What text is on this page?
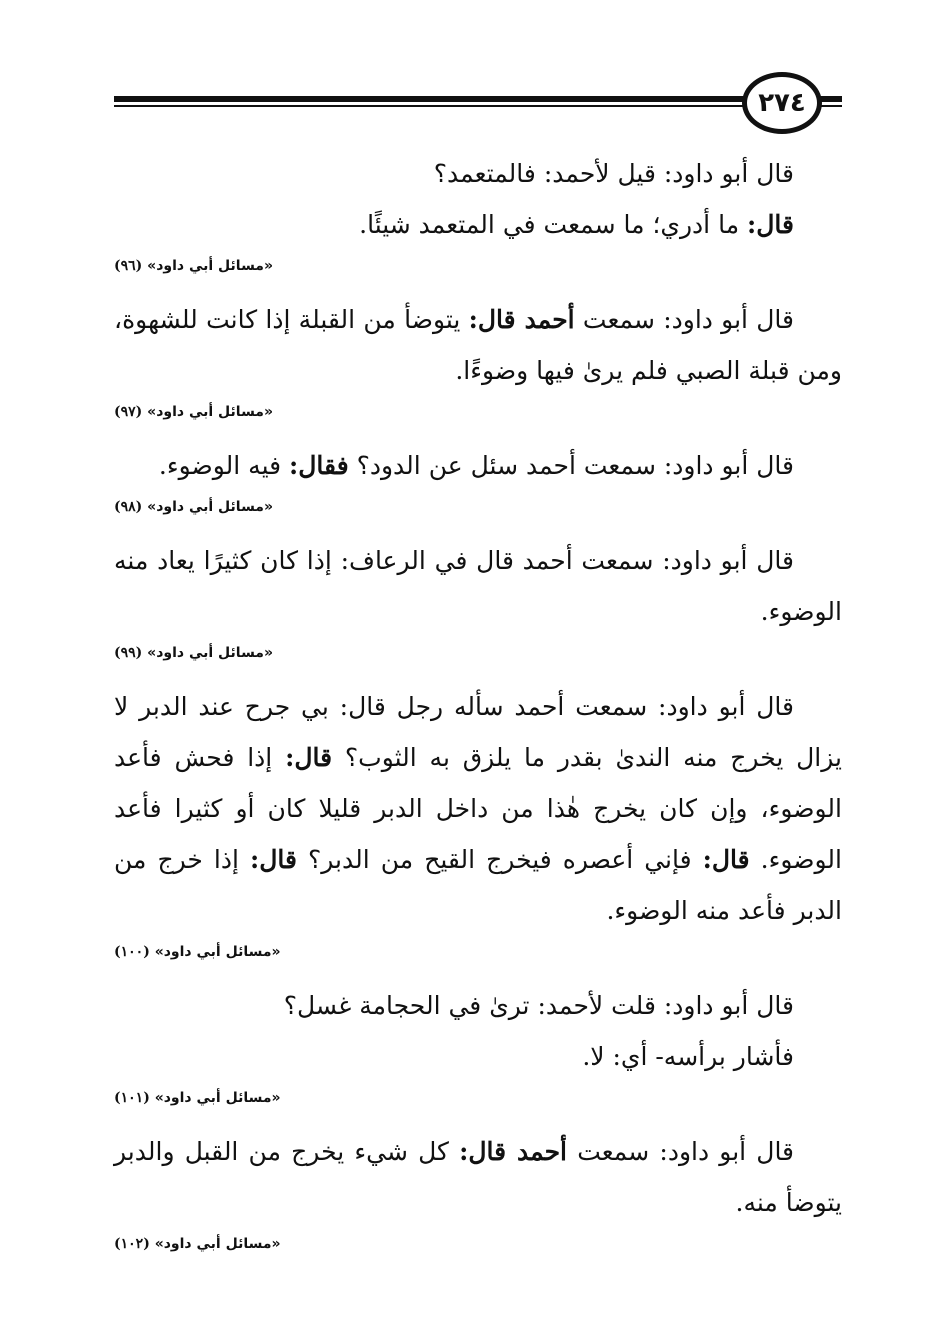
٢٧٤

قال أبو داود: قيل لأحمد: فالمتعمد؟

قال: ما أدري؛ ما سمعت في المتعمد شيئًا.

«مسائل أبي داود» (٩٦)

قال أبو داود: سمعت أحمد قال: يتوضأ من القبلة إذا كانت للشهوة، ومن قبلة الصبي فلم يرىٰ فيها وضوءًا.

«مسائل أبي داود» (٩٧)

قال أبو داود: سمعت أحمد سئل عن الدود؟ فقال: فيه الوضوء.

«مسائل أبي داود» (٩٨)

قال أبو داود: سمعت أحمد قال في الرعاف: إذا كان كثيرًا يعاد منه الوضوء.

«مسائل أبي داود» (٩٩)

قال أبو داود: سمعت أحمد سأله رجل قال: بي جرح عند الدبر لا يزال يخرج منه الندىٰ بقدر ما يلزق به الثوب؟ قال: إذا فحش فأعد الوضوء، وإن كان يخرج هٰذا من داخل الدبر قليلا كان أو كثيرا فأعد الوضوء. قال: فإني أعصره فيخرج القيح من الدبر؟ قال: إذا خرج من الدبر فأعد منه الوضوء.

«مسائل أبي داود» (١٠٠)

قال أبو داود: قلت لأحمد: ترىٰ في الحجامة غسل؟

فأشار برأسه- أي: لا.

«مسائل أبي داود» (١٠١)

قال أبو داود: سمعت أحمد قال: كل شيء يخرج من القبل والدبر يتوضأ منه.

«مسائل أبي داود» (١٠٢)
